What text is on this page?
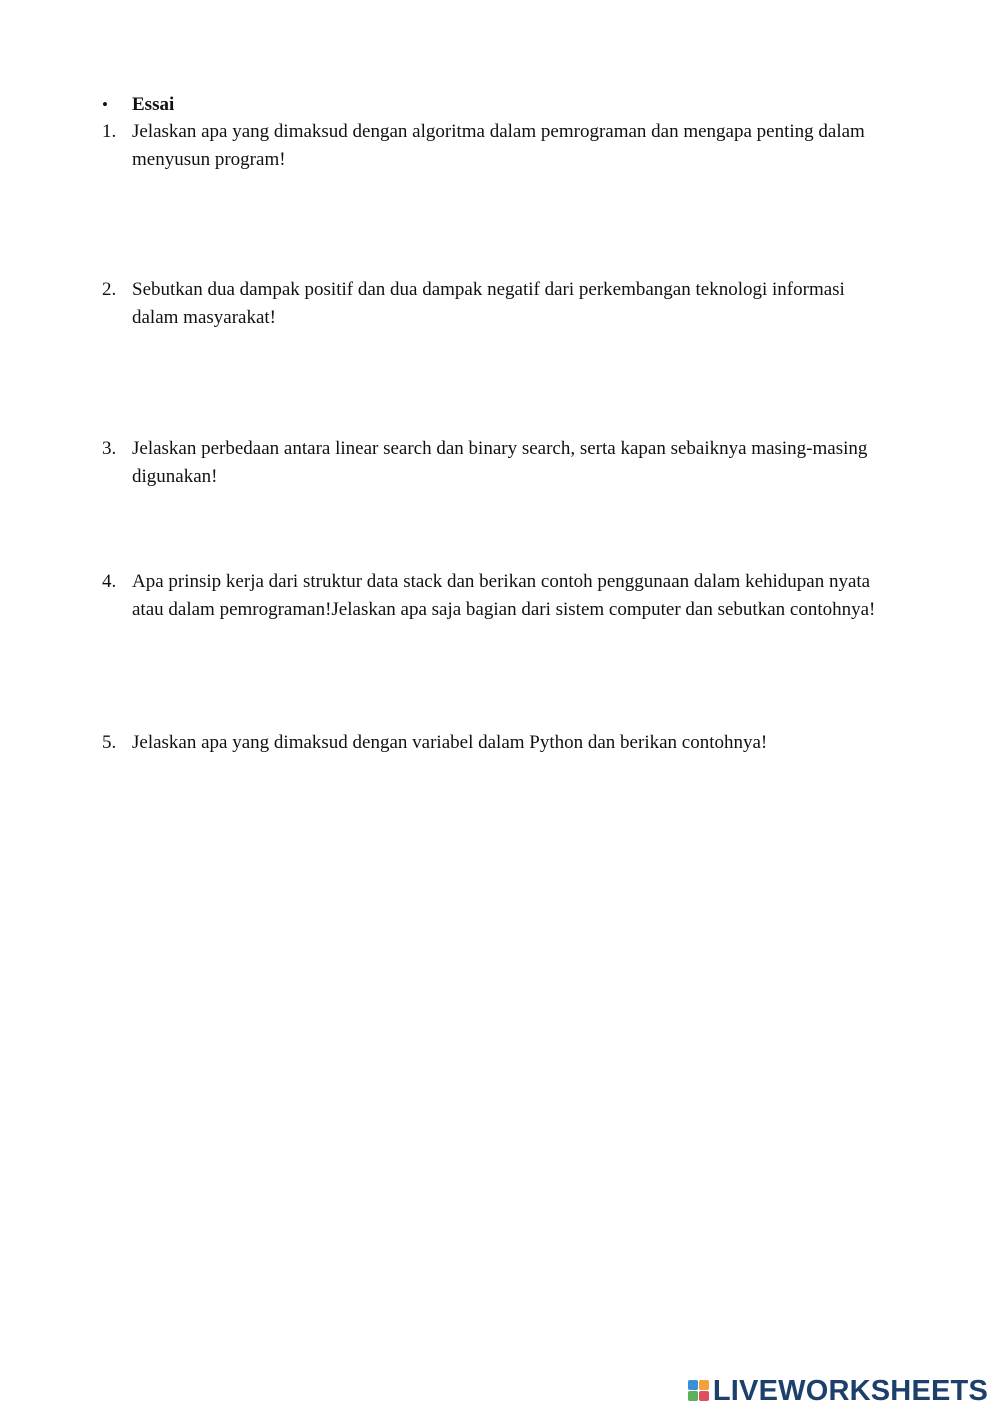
•	Essai
1. Jelaskan apa yang dimaksud dengan algoritma dalam pemrograman dan mengapa penting dalam
menyusun program!
2. Sebutkan dua dampak positif dan dua dampak negatif dari perkembangan teknologi informasi
dalam masyarakat!
3. Jelaskan perbedaan antara linear search dan binary search, serta kapan sebaiknya masing-masing
digunakan!
4. Apa prinsip kerja dari struktur data stack dan berikan contoh penggunaan dalam kehidupan nyata
atau dalam pemrograman!Jelaskan apa saja bagian dari sistem computer dan sebutkan contohnya!
5. Jelaskan apa yang dimaksud dengan variabel dalam Python dan berikan contohnya!
LIVEWORKSHEETS
